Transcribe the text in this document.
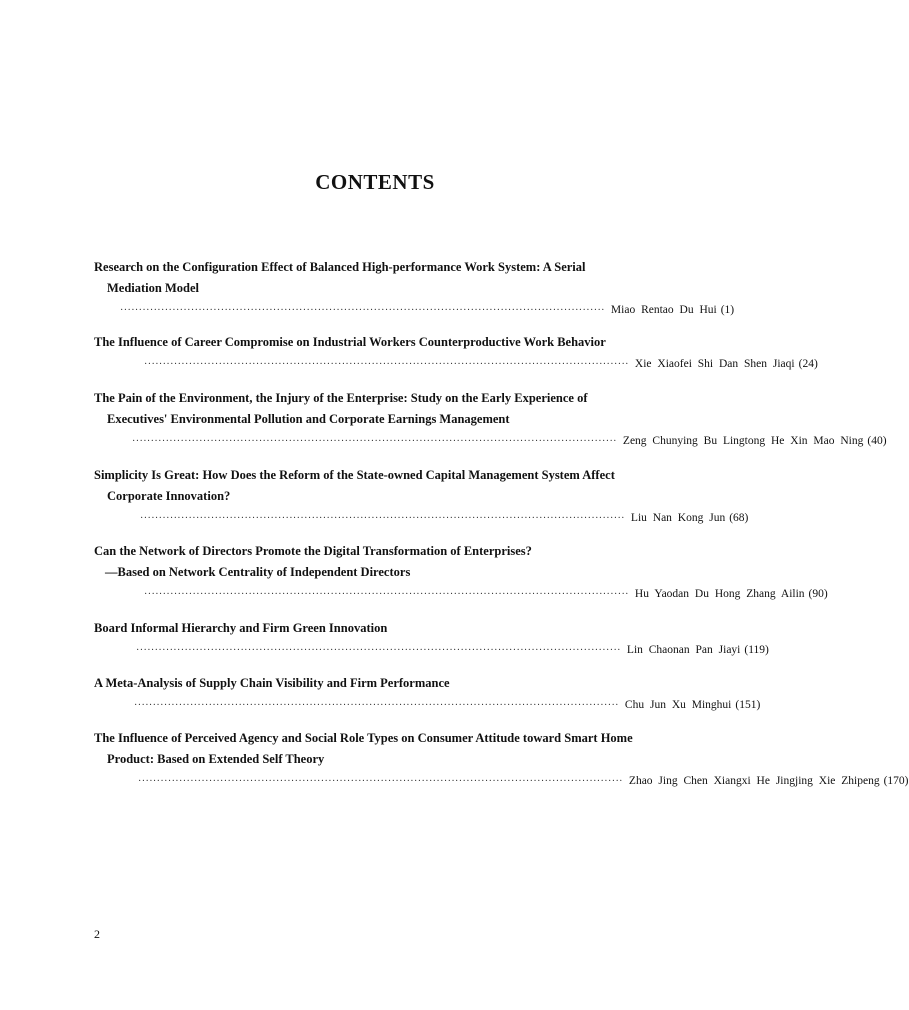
CONTENTS
Research on the Configuration Effect of Balanced High-performance Work System: A Serial
Mediation Model
·································································································································· Miao Rentao Du Hui (1)
The Influence of Career Compromise on Industrial Workers Counterproductive Work Behavior
·································································································································· Xie Xiaofei Shi Dan Shen Jiaqi (24)
The Pain of the Environment, the Injury of the Enterprise: Study on the Early Experience of
Executives' Environmental Pollution and Corporate Earnings Management
·································································································································· Zeng Chunying Bu Lingtong He Xin Mao Ning (40)
Simplicity Is Great: How Does the Reform of the State-owned Capital Management System Affect
Corporate Innovation?
·································································································································· Liu Nan Kong Jun (68)
Can the Network of Directors Promote the Digital Transformation of Enterprises?
—Based on Network Centrality of Independent Directors
·································································································································· Hu Yaodan Du Hong Zhang Ailin (90)
Board Informal Hierarchy and Firm Green Innovation
·································································································································· Lin Chaonan Pan Jiayi (119)
A Meta-Analysis of Supply Chain Visibility and Firm Performance
·································································································································· Chu Jun Xu Minghui (151)
The Influence of Perceived Agency and Social Role Types on Consumer Attitude toward Smart Home
Product: Based on Extended Self Theory
·································································································································· Zhao Jing Chen Xiangxi He Jingjing Xie Zhipeng (170)
2
